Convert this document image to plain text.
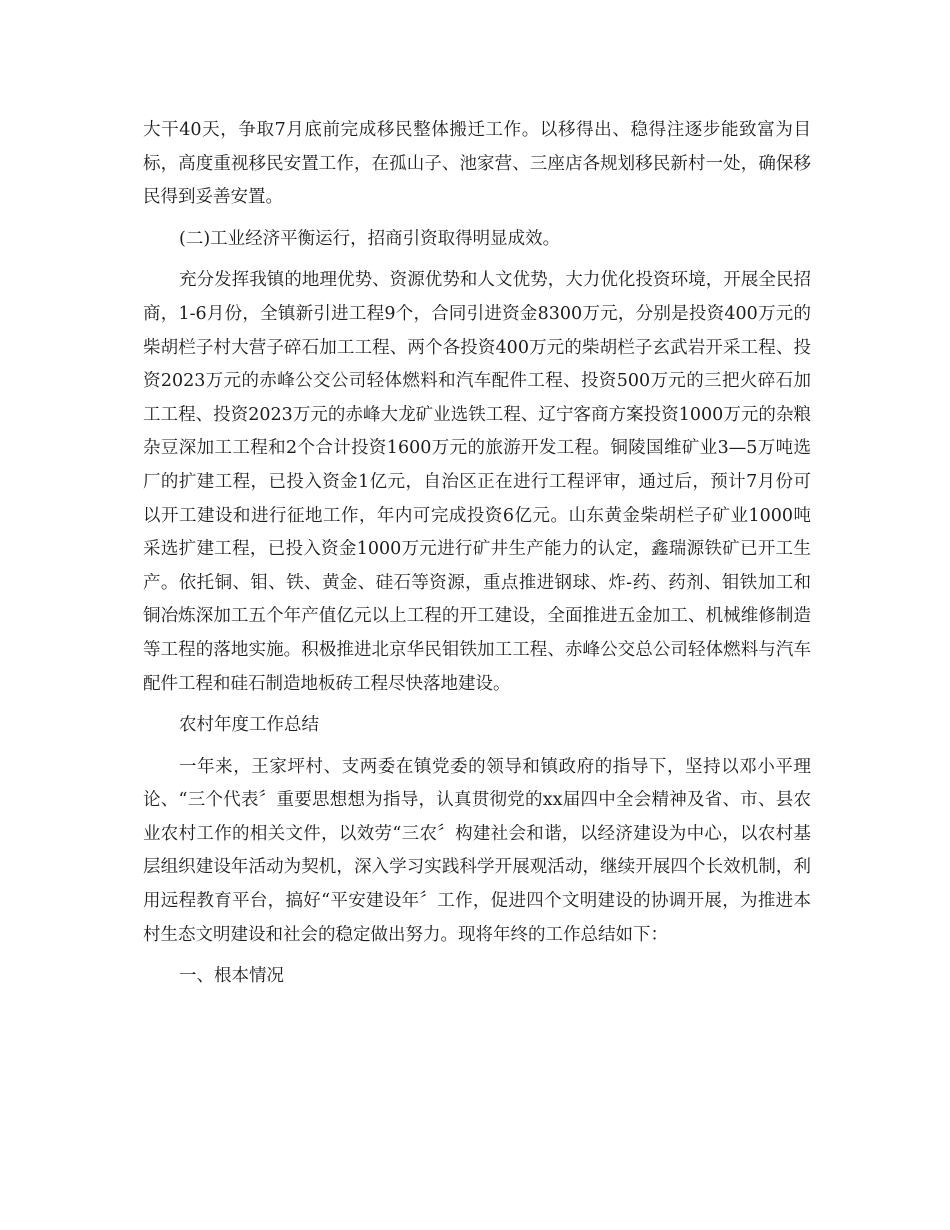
大干40天，争取7月底前完成移民整体搬迁工作。以移得出、稳得注逐步能致富为目标，高度重视移民安置工作，在孤山子、池家营、三座店各规划移民新村一处，确保移民得到妥善安置。

(二)工业经济平衡运行，招商引资取得明显成效。

充分发挥我镇的地理优势、资源优势和人文优势，大力优化投资环境，开展全民招商，1-6月份，全镇新引进工程9个，合同引进资金8300万元，分别是投资400万元的柴胡栏子村大营子碎石加工工程、两个各投资400万元的柴胡栏子玄武岩开采工程、投资2023万元的赤峰公交公司轻体燃料和汽车配件工程、投资500万元的三把火碎石加工工程、投资2023万元的赤峰大龙矿业选铁工程、辽宁客商方案投资1000万元的杂粮杂豆深加工工程和2个合计投资1600万元的旅游开发工程。铜陵国维矿业3—5万吨选厂的扩建工程，已投入资金1亿元，自治区正在进行工程评审，通过后，预计7月份可以开工建设和进行征地工作，年内可完成投资6亿元。山东黄金柴胡栏子矿业1000吨采选扩建工程，已投入资金1000万元进行矿井生产能力的认定，鑫瑞源铁矿已开工生产。依托铜、钼、铁、黄金、硅石等资源，重点推进钢球、炸-药、药剂、钼铁加工和铜冶炼深加工五个年产值亿元以上工程的开工建设，全面推进五金加工、机械维修制造等工程的落地实施。积极推进北京华民钼铁加工工程、赤峰公交总公司轻体燃料与汽车配件工程和硅石制造地板砖工程尽快落地建设。

农村年度工作总结

一年来，王家坪村、支两委在镇党委的领导和镇政府的指导下，坚持以邓小平理论、“三个代表〞重要思想想为指导，认真贯彻党的xx届四中全会精神及省、市、县农业农村工作的相关文件，以效劳“三农〞构建社会和谐，以经济建设为中心，以农村基层组织建设年活动为契机，深入学习实践科学开展观活动，继续开展四个长效机制，利用远程教育平台，搞好“平安建设年〞工作，促进四个文明建设的协调开展，为推进本村生态文明建设和社会的稳定做出努力。现将年终的工作总结如下：

一、根本情况
